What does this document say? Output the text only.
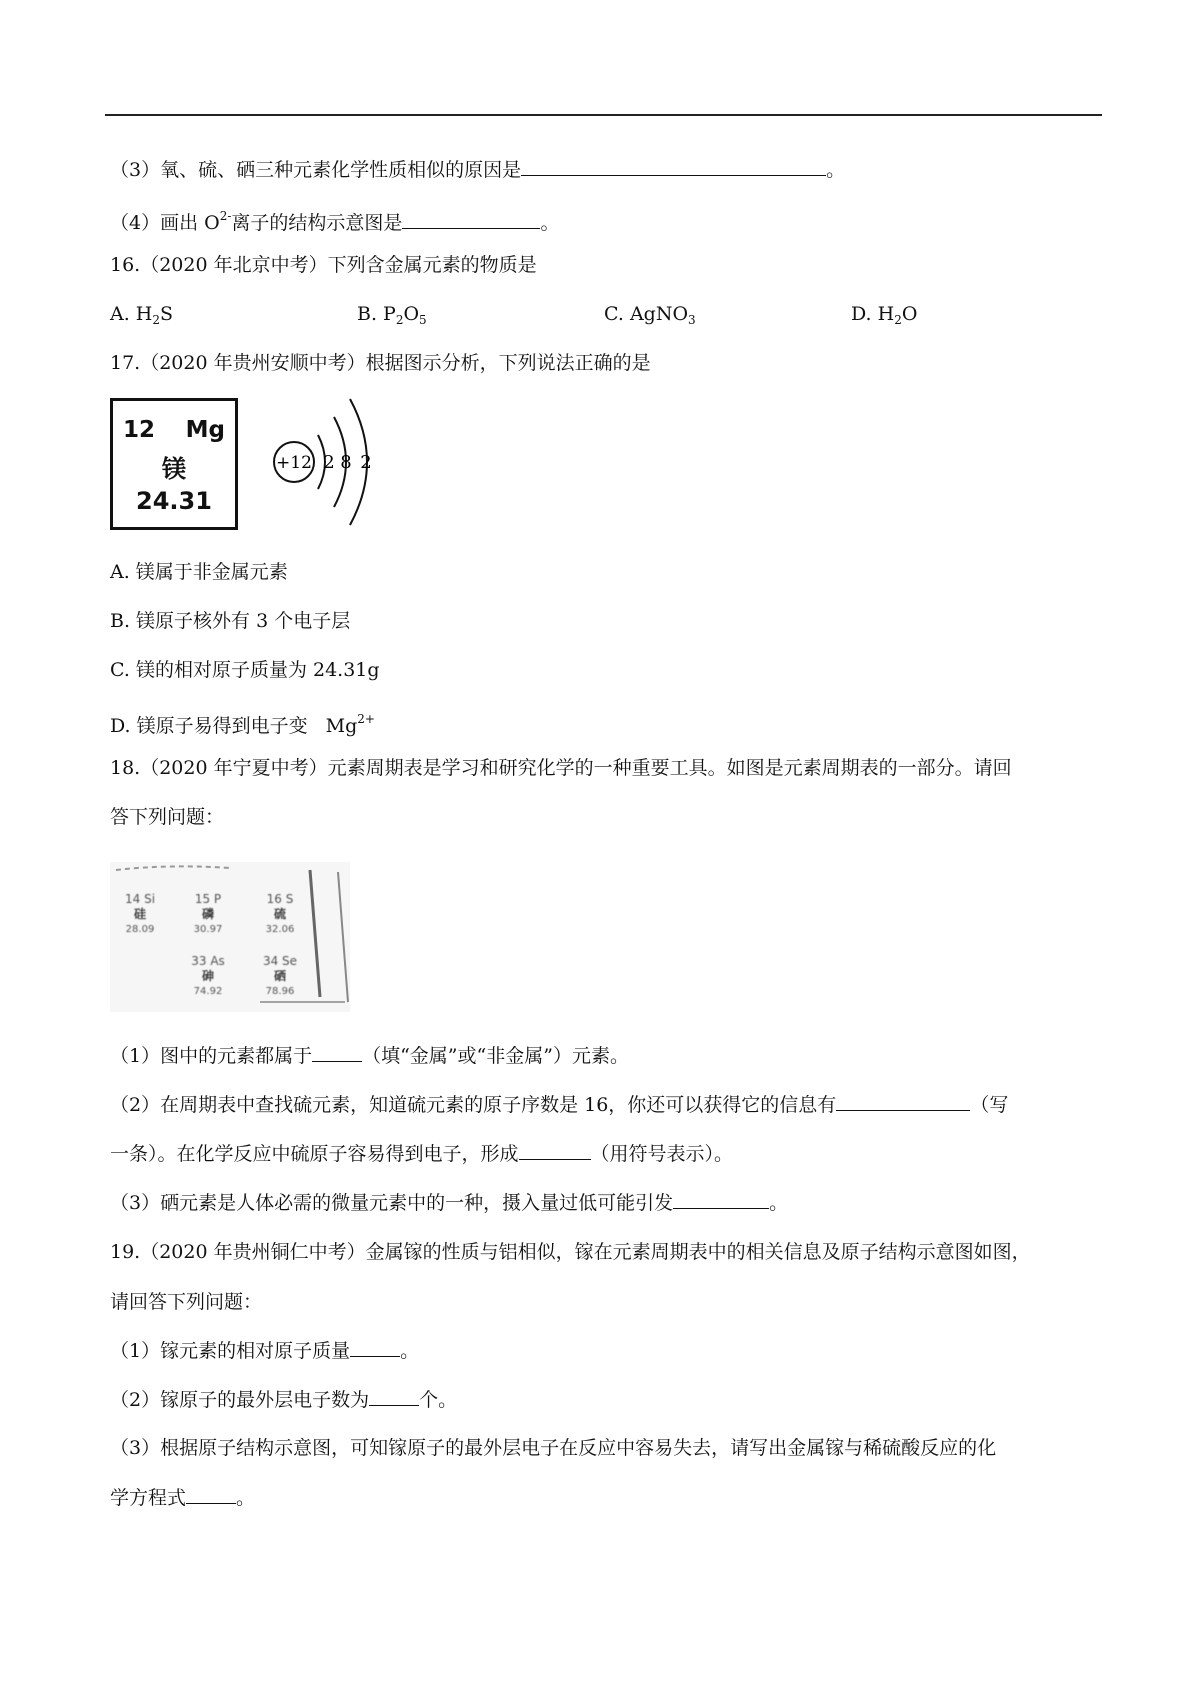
（3）氧、硫、硒三种元素化学性质相似的原因是	。
（4）画出 $O^{2-}$离子的结构示意图是	。
16.（2020 年北京中考）下列含金属元素的物质是
A. $H_2S$	B. $P_2O_5$	C. AgNO$_3$	D. $H_2O$
17.（2020 年贵州安顺中考）根据图示分析，下列说法正确的是
12 Mg
镁
24.31
+12 2 8 2
A. 镁属于非金属元素
B. 镁原子核外有 3 个电子层
C. 镁的相对原子质量为 24.31g
D. 镁原子易得到电子变 $Mg^{2+}$
18.（2020 年宁夏中考）元素周期表是学习和研究化学的一种重要工具。如图是元素周期表的一部分。请回
答下列问题：
14 Si
硅
28.09
15 P
磷
30.97
16 S
硫
32.06
33 As
砷
74.92
34 Se
硒
78.96
（1）图中的元素都属于	（填“金属”或“非金属”）元素。
（2）在周期表中查找硫元素，知道硫元素的原子序数是 16，你还可以获得它的信息有	（写
一条）。在化学反应中硫原子容易得到电子，形成	（用符号表示）。
（3）硒元素是人体必需的微量元素中的一种，摄入量过低可能引发	。
19.（2020 年贵州铜仁中考）金属镓的性质与铝相似，镓在元素周期表中的相关信息及原子结构示意图如图，
请回答下列问题：
（1）镓元素的相对原子质量	。
（2）镓原子的最外层电子数为	个。
（3）根据原子结构示意图，可知镓原子的最外层电子在反应中容易失去，请写出金属镓与稀硫酸反应的化
学方程式	。
